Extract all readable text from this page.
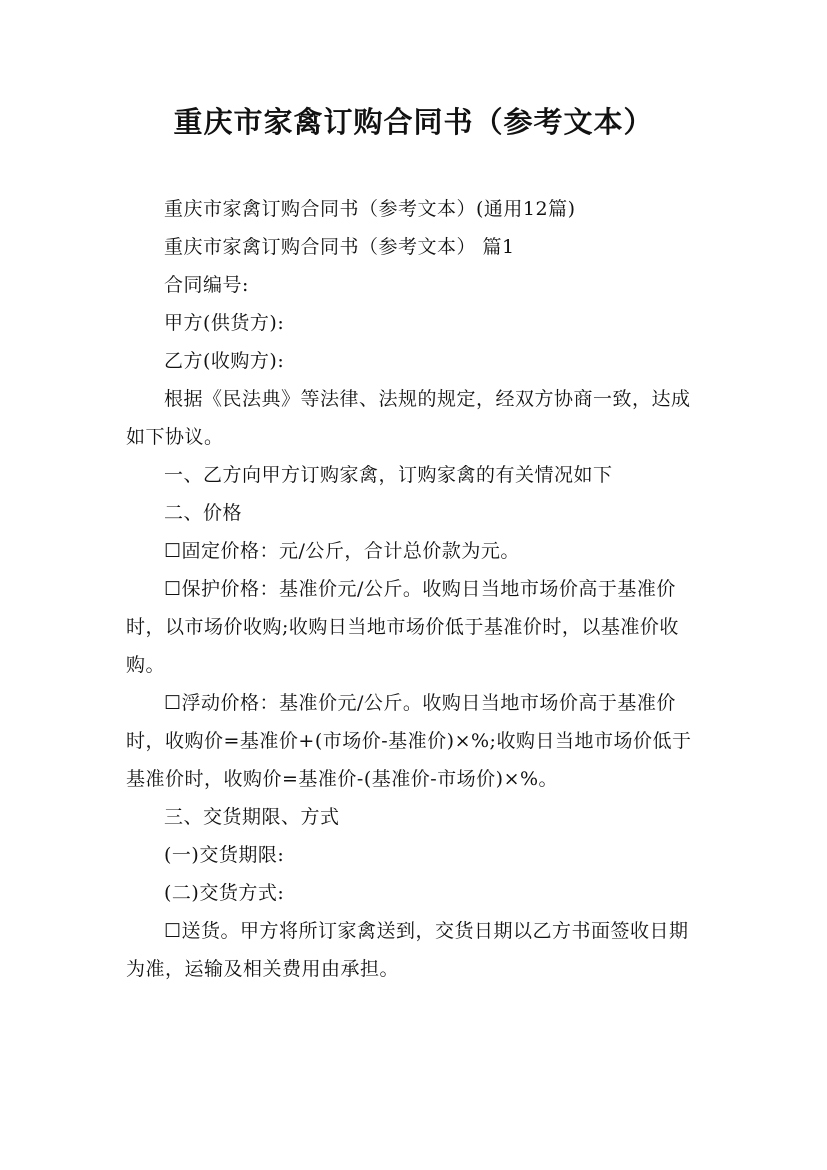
重庆市家禽订购合同书（参考文本）

重庆市家禽订购合同书（参考文本）(通用12篇)

重庆市家禽订购合同书（参考文本） 篇1

合同编号:

甲方(供货方):

乙方(收购方):

根据《民法典》等法律、法规的规定，经双方协商一致，达成如下协议。

一、乙方向甲方订购家禽，订购家禽的有关情况如下

二、价格

☐固定价格：元/公斤，合计总价款为元。

☐保护价格：基准价元/公斤。收购日当地市场价高于基准价时，以市场价收购;收购日当地市场价低于基准价时，以基准价收购。

☐浮动价格：基准价元/公斤。收购日当地市场价高于基准价时，收购价=基准价+(市场价-基准价)×%;收购日当地市场价低于基准价时，收购价=基准价-(基准价-市场价)×%。

三、交货期限、方式

(一)交货期限:

(二)交货方式:

☐送货。甲方将所订家禽送到，交货日期以乙方书面签收日期为准，运输及相关费用由承担。
